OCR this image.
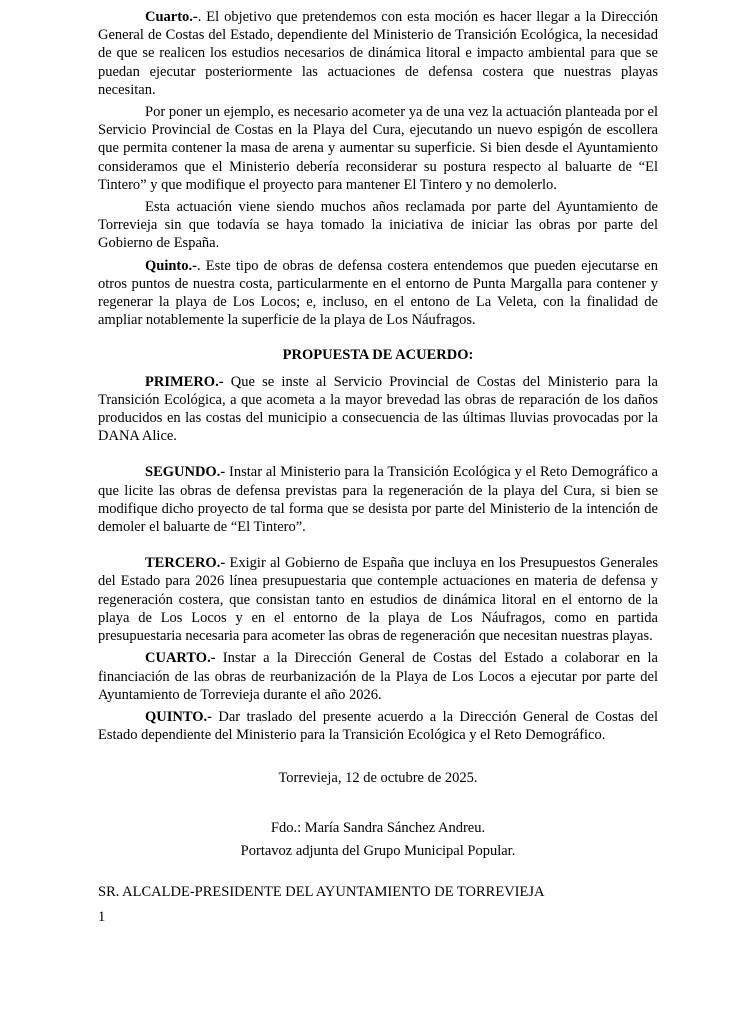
Cuarto.-. El objetivo que pretendemos con esta moción es hacer llegar a la Dirección General de Costas del Estado, dependiente del Ministerio de Transición Ecológica, la necesidad de que se realicen los estudios necesarios de dinámica litoral e impacto ambiental para que se puedan ejecutar posteriormente las actuaciones de defensa costera que nuestras playas necesitan.

Por poner un ejemplo, es necesario acometer ya de una vez la actuación planteada por el Servicio Provincial de Costas en la Playa del Cura, ejecutando un nuevo espigón de escollera que permita contener la masa de arena y aumentar su superficie. Si bien desde el Ayuntamiento consideramos que el Ministerio debería reconsiderar su postura respecto al baluarte de “El Tintero” y que modifique el proyecto para mantener El Tintero y no demolerlo.

Esta actuación viene siendo muchos años reclamada por parte del Ayuntamiento de Torrevieja sin que todavía se haya tomado la iniciativa de iniciar las obras por parte del Gobierno de España.

Quinto.-. Este tipo de obras de defensa costera entendemos que pueden ejecutarse en otros puntos de nuestra costa, particularmente en el entorno de Punta Margalla para contener y regenerar la playa de Los Locos; e, incluso, en el entono de La Veleta, con la finalidad de ampliar notablemente la superficie de la playa de Los Náufragos.

PROPUESTA DE ACUERDO:

PRIMERO.- Que se inste al Servicio Provincial de Costas del Ministerio para la Transición Ecológica, a que acometa a la mayor brevedad las obras de reparación de los daños producidos en las costas del municipio a consecuencia de las últimas lluvias provocadas por la DANA Alice.

SEGUNDO.- Instar al Ministerio para la Transición Ecológica y el Reto Demográfico a que licite las obras de defensa previstas para la regeneración de la playa del Cura, si bien se modifique dicho proyecto de tal forma que se desista por parte del Ministerio de la intención de demoler el baluarte de “El Tintero”.

TERCERO.- Exigir al Gobierno de España que incluya en los Presupuestos Generales del Estado para 2026 línea presupuestaria que contemple actuaciones en materia de defensa y regeneración costera, que consistan tanto en estudios de dinámica litoral en el entorno de la playa de Los Locos y en el entorno de la playa de Los Náufragos, como en partida presupuestaria necesaria para acometer las obras de regeneración que necesitan nuestras playas.

CUARTO.- Instar a la Dirección General de Costas del Estado a colaborar en la financiación de las obras de reurbanización de la Playa de Los Locos a ejecutar por parte del Ayuntamiento de Torrevieja durante el año 2026.

QUINTO.- Dar traslado del presente acuerdo a la Dirección General de Costas del Estado dependiente del Ministerio para la Transición Ecológica y el Reto Demográfico.

Torrevieja, 12 de octubre de 2025.

Fdo.: María Sandra Sánchez Andreu.

Portavoz adjunta del Grupo Municipal Popular.

SR. ALCALDE-PRESIDENTE DEL AYUNTAMIENTO DE TORREVIEJA

1
